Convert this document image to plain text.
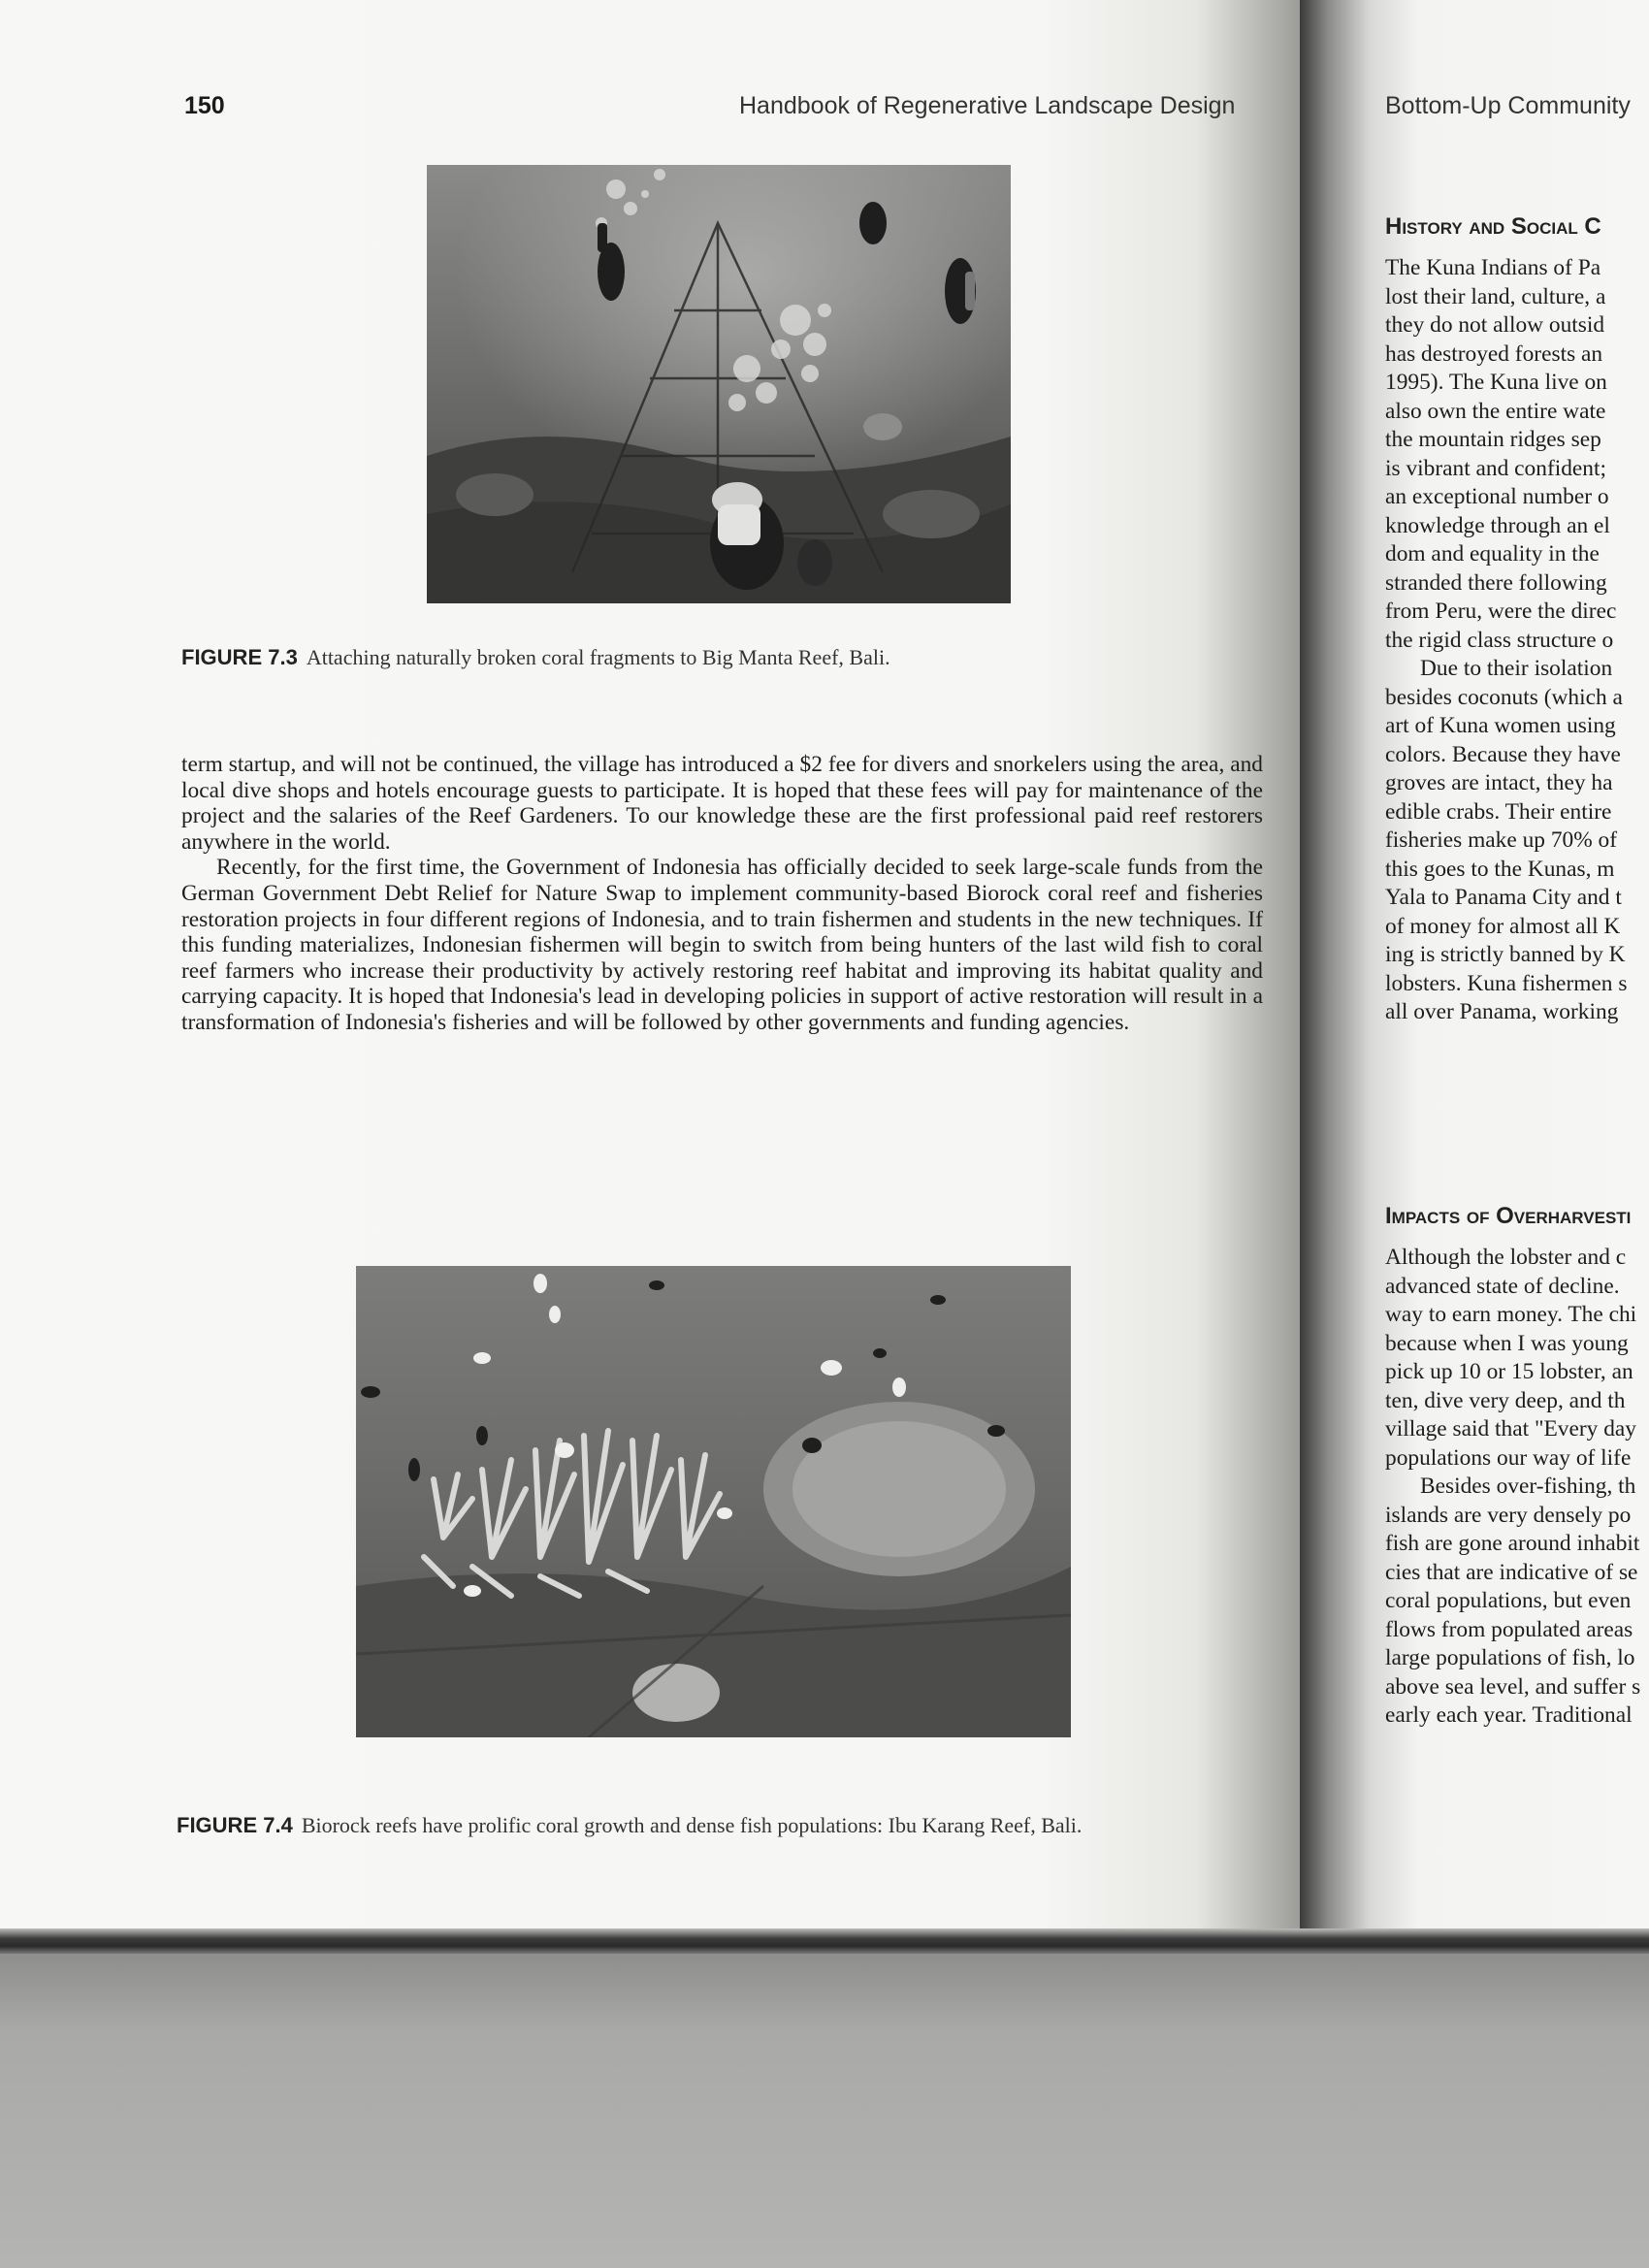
150	Handbook of Regenerative Landscape Design
FIGURE 7.3 Attaching naturally broken coral fragments to Big Manta Reef, Bali.

term startup, and will not be continued, the village has introduced a $2 fee for divers and snorkelers using the area, and local dive shops and hotels encourage guests to participate. It is hoped that these fees will pay for maintenance of the project and the salaries of the Reef Gardeners. To our knowledge these are the first professional paid reef restorers anywhere in the world.

Recently, for the first time, the Government of Indonesia has officially decided to seek large-scale funds from the German Government Debt Relief for Nature Swap to implement community-based Biorock coral reef and fisheries restoration projects in four different regions of Indonesia, and to train fishermen and students in the new techniques. If this funding materializes, Indonesian fishermen will begin to switch from being hunters of the last wild fish to coral reef farmers who increase their productivity by actively restoring reef habitat and improving its habitat quality and carrying capacity. It is hoped that Indonesia's lead in developing policies in support of active restoration will result in a transformation of Indonesia's fisheries and will be followed by other governments and funding agencies.

FIGURE 7.4 Biorock reefs have prolific coral growth and dense fish populations: Ibu Karang Reef, Bali.
Bottom-Up Community
History and Social C
The Kuna Indians of Pa
lost their land, culture, a
they do not allow outsid
has destroyed forests an
1995). The Kuna live on
also own the entire wate
the mountain ridges sep
is vibrant and confident;
an exceptional number o
knowledge through an el
dom and equality in the
stranded there following
from Peru, were the direc
the rigid class structure o
Due to their isolation
besides coconuts (which a
art of Kuna women using
colors. Because they have
groves are intact, they ha
edible crabs. Their entire
fisheries make up 70% of
this goes to the Kunas, m
Yala to Panama City and t
of money for almost all K
ing is strictly banned by K
lobsters. Kuna fishermen s
all over Panama, working
Impacts of Overharvesti
Although the lobster and c
advanced state of decline.
way to earn money. The chi
because when I was young
pick up 10 or 15 lobster, an
ten, dive very deep, and th
village said that "Every day
populations our way of life
Besides over-fishing, th
islands are very densely po
fish are gone around inhabit
cies that are indicative of se
coral populations, but even
flows from populated areas
large populations of fish, lo
above sea level, and suffer s
early each year. Traditional
